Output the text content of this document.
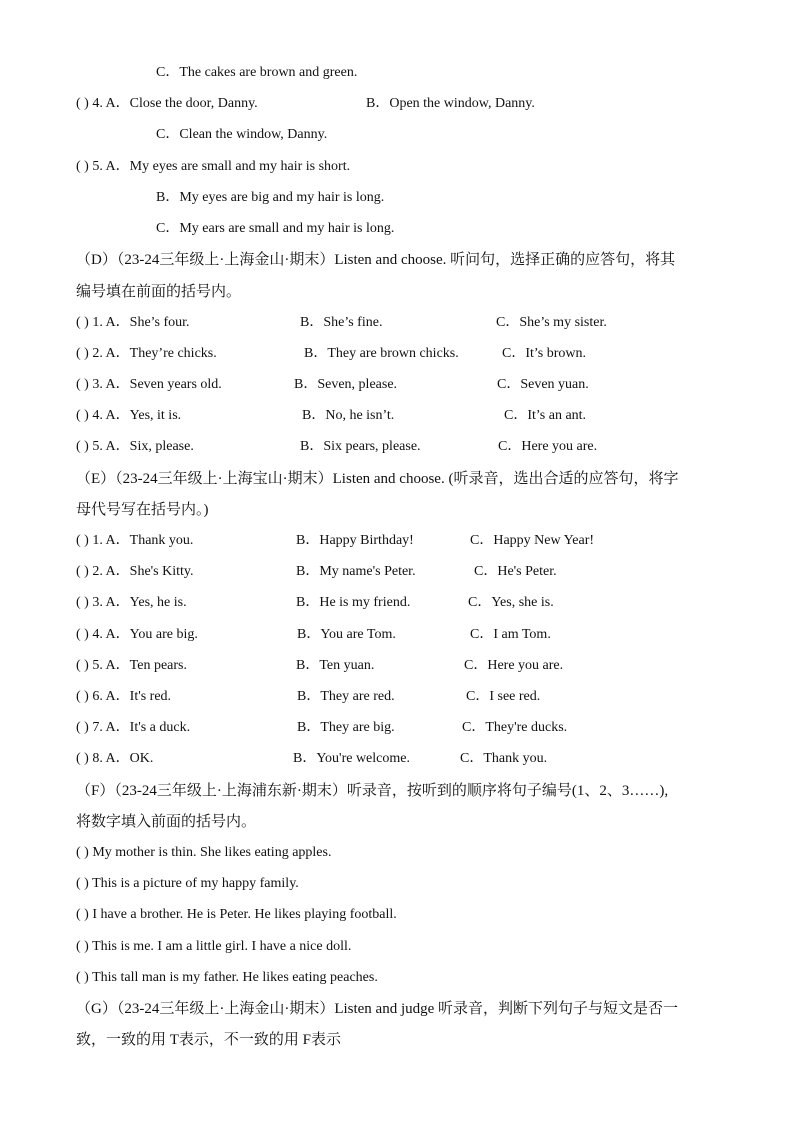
C．The cakes are brown and green.
( ) 4. A．Close the door, Danny.	B．Open the window, Danny.
C．Clean the window, Danny.
( ) 5. A．My eyes are small and my hair is short.
B．My eyes are big and my hair is long.
C．My ears are small and my hair is long.
（D）（23-24三年级上·上海金山·期末）Listen and choose. 听问句，选择正确的应答句，将其
编号填在前面的括号内。
( ) 1. A．She’s four.	B．She’s fine.	C．She’s my sister.
( ) 2. A．They’re chicks.	B．They are brown chicks.	C．It’s brown.
( ) 3. A．Seven years old.	B．Seven, please.	C．Seven yuan.
( ) 4. A．Yes, it is.	B．No, he isn’t.	C．It’s an ant.
( ) 5. A．Six, please.	B．Six pears, please.	C．Here you are.
（E）（23-24三年级上·上海宝山·期末）Listen and choose. (听录音，选出合适的应答句，将字
母代号写在括号内。)
( ) 1. A．Thank you.	B．Happy Birthday!	C．Happy New Year!
( ) 2. A．She's Kitty.	B．My name's Peter.	C．He's Peter.
( ) 3. A．Yes, he is.	B．He is my friend.	C．Yes, she is.
( ) 4. A．You are big.	B．You are Tom.	C．I am Tom.
( ) 5. A．Ten pears.	B．Ten yuan.	C．Here you are.
( ) 6. A．It's red.	B．They are red.	C．I see red.
( ) 7. A．It's a duck.	B．They are big.	C．They're ducks.
( ) 8. A．OK.	B．You're welcome.	C．Thank you.
（F）（23-24三年级上·上海浦东新·期末）听录音，按听到的顺序将句子编号(1、2、3……),
将数字填入前面的括号内。
( ) My mother is thin. She likes eating apples.
( ) This is a picture of my happy family.
( ) I have a brother. He is Peter. He likes playing football.
( ) This is me. I am a little girl. I have a nice doll.
( ) This tall man is my father. He likes eating peaches.
（G）（23-24三年级上·上海金山·期末）Listen and judge 听录音，判断下列句子与短文是否一
致，一致的用 T表示，不一致的用 F表示
